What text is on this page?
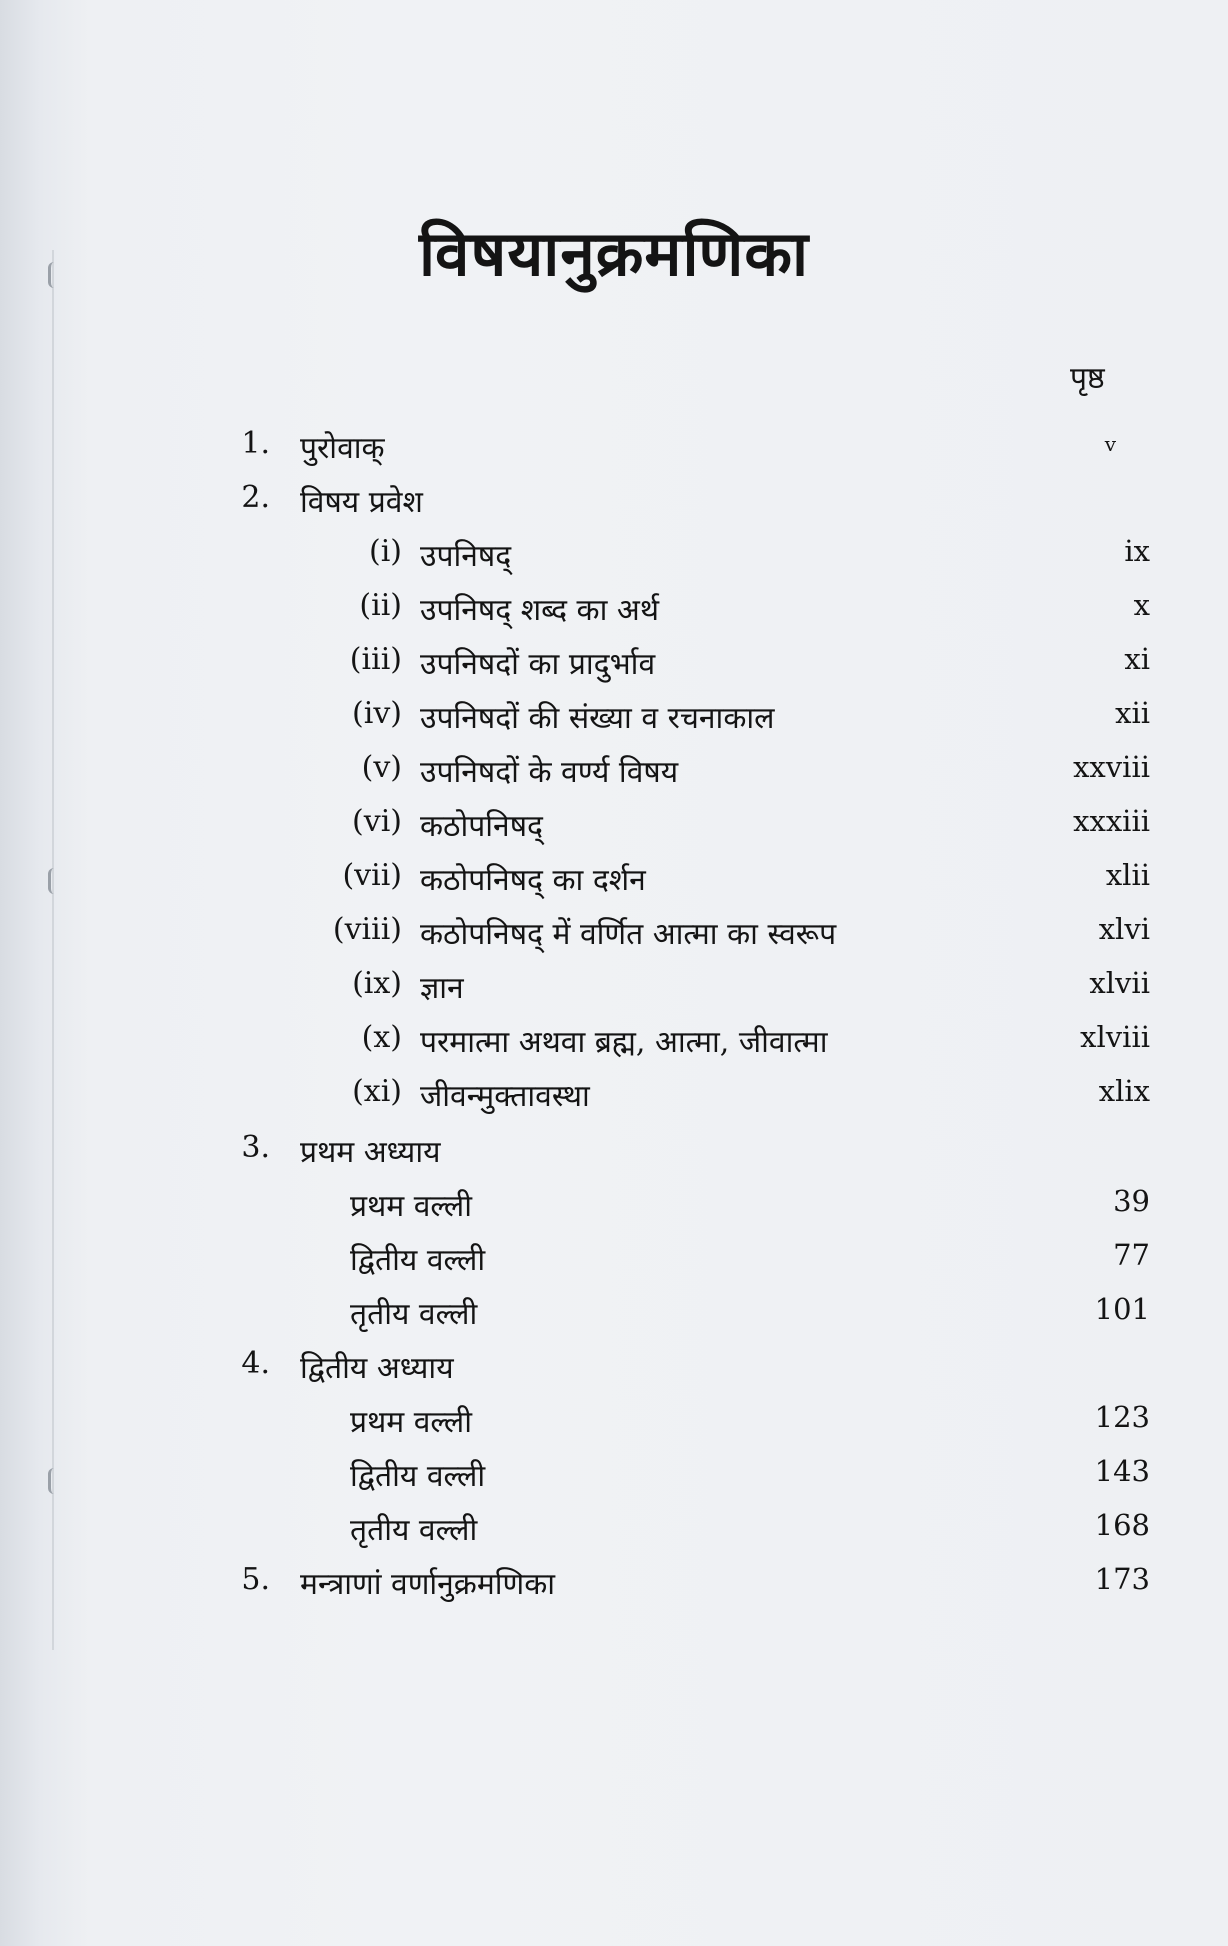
विषयानुक्रमणिका
पृष्ठ
1. पुरोवाक्	v
2. विषय प्रवेश
(i) उपनिषद्	ix
(ii) उपनिषद् शब्द का अर्थ	x
(iii) उपनिषदों का प्रादुर्भाव	xi
(iv) उपनिषदों की संख्या व रचनाकाल	xii
(v) उपनिषदों के वर्ण्य विषय	xxviii
(vi) कठोपनिषद्	xxxiii
(vii) कठोपनिषद् का दर्शन	xlii
(viii) कठोपनिषद् में वर्णित आत्मा का स्वरूप	xlvi
(ix) ज्ञान	xlvii
(x) परमात्मा अथवा ब्रह्म, आत्मा, जीवात्मा	xlviii
(xi) जीवन्मुक्तावस्था	xlix
3. प्रथम अध्याय
प्रथम वल्ली	39
द्वितीय वल्ली	77
तृतीय वल्ली	101
4. द्वितीय अध्याय
प्रथम वल्ली	123
द्वितीय वल्ली	143
तृतीय वल्ली	168
5. मन्त्राणां वर्णानुक्रमणिका	173
